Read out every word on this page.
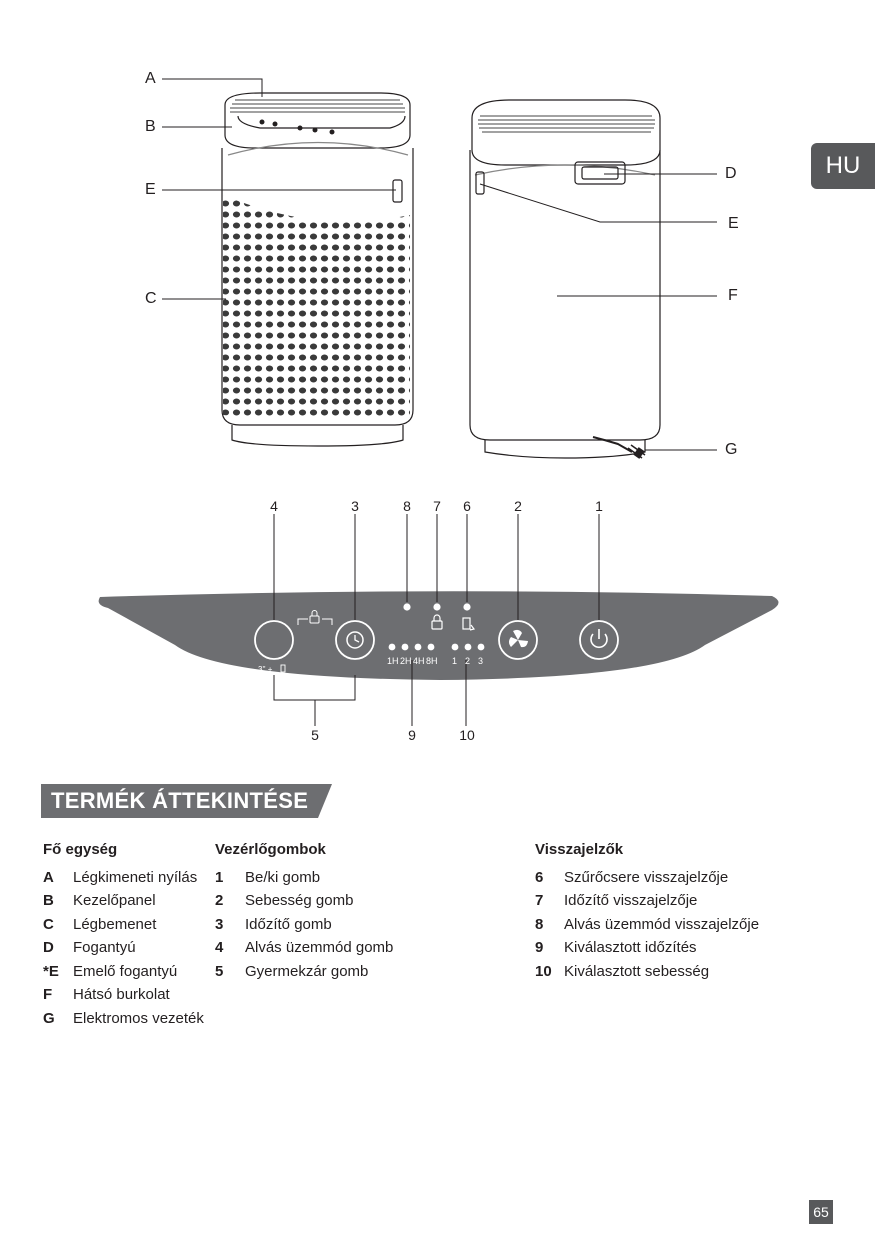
HU
A
B
E
C
D
E
F
G
1H 2H 4H 8H 1 2 3
3'' +
4	3	8 7 6	2	1
5	9	10
TERMÉK ÁTTEKINTÉSE
Fő egység
A	Légkimeneti nyílás
B	Kezelőpanel
C	Légbemenet
D	Fogantyú
*E Emelő fogantyú
F	Hátsó burkolat
G	Elektromos vezeték
Vezérlőgombok
1	Be/ki gomb
2	Sebesség gomb
3	Időzítő gomb
4	Alvás üzemmód gomb
5	Gyermekzár gomb
Visszajelzők
6	Szűrőcsere visszajelzője
7	Időzítő visszajelzője
8	Alvás üzemmód visszajelzője
9	Kiválasztott időzítés
10 Kiválasztott sebesség
65
